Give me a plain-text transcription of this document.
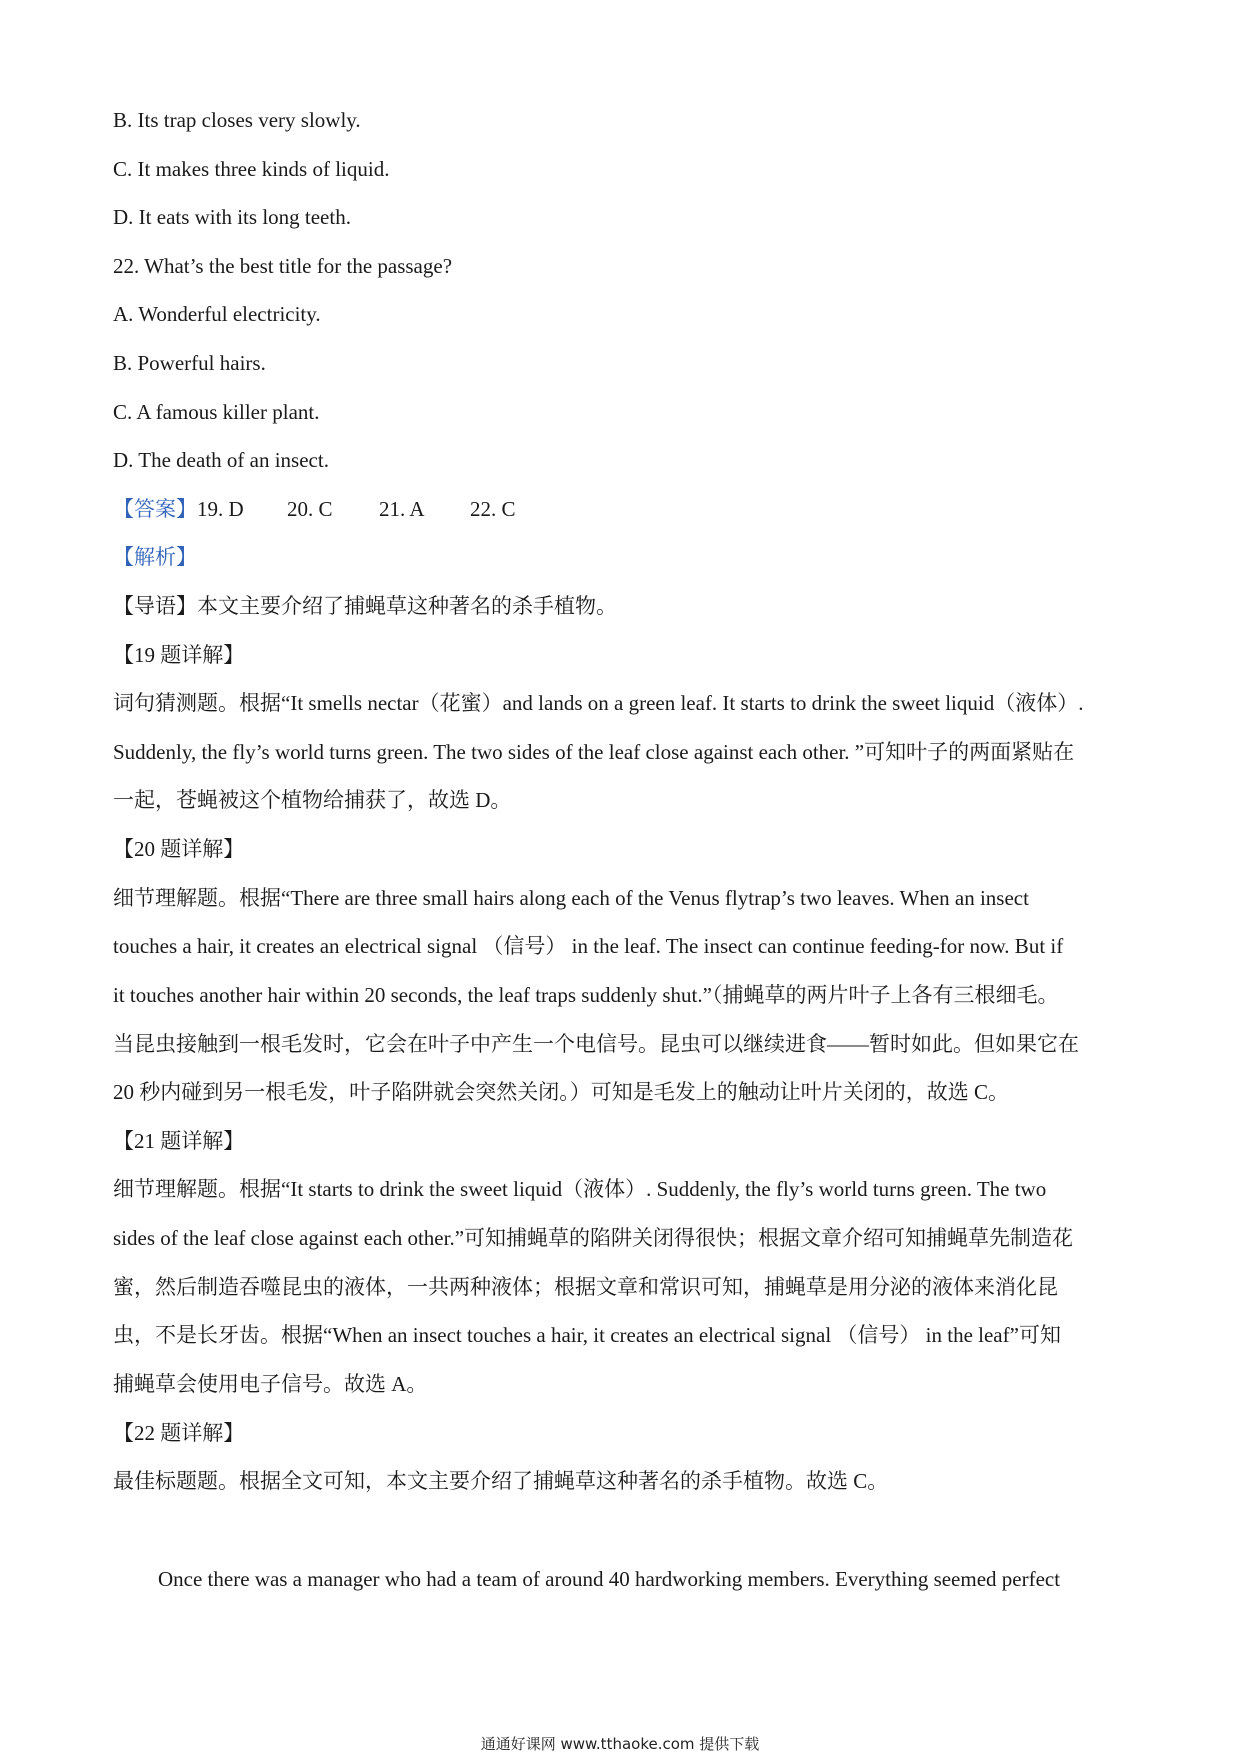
B. Its trap closes very slowly.
C. It makes three kinds of liquid.
D. It eats with its long teeth.
22. What’s the best title for the passage?
A. Wonderful electricity.
B. Powerful hairs.
C. A famous killer plant.
D. The death of an insect.
【答案】19. D 20. C 21. A 22. C
【解析】
【导语】本文主要介绍了捕蝇草这种著名的杀手植物。
【19 题详解】
词句猜测题。根据“It smells nectar（花蜜）and lands on a green leaf. It starts to drink the sweet liquid（液体）.
Suddenly, the fly’s world turns green. The two sides of the leaf close against each other. ”可知叶子的两面紧贴在
一起，苍蝇被这个植物给捕获了，故选 D。
【20 题详解】
细节理解题。根据“There are three small hairs along each of the Venus flytrap’s two leaves. When an insect
touches a hair, it creates an electrical signal （信号） in the leaf. The insect can continue feeding-for now. But if
it touches another hair within 20 seconds, the leaf traps suddenly shut.”（捕蝇草的两片叶子上各有三根细毛。
当昆虫接触到一根毛发时，它会在叶子中产生一个电信号。昆虫可以继续进食——暂时如此。但如果它在
20 秒内碰到另一根毛发，叶子陷阱就会突然关闭。）可知是毛发上的触动让叶片关闭的，故选 C。
【21 题详解】
细节理解题。根据“It starts to drink the sweet liquid（液体）. Suddenly, the fly’s world turns green. The two
sides of the leaf close against each other.”可知捕蝇草的陷阱关闭得很快；根据文章介绍可知捕蝇草先制造花
蜜，然后制造吞噬昆虫的液体，一共两种液体；根据文章和常识可知，捕蝇草是用分泌的液体来消化昆
虫，不是长牙齿。根据“When an insect touches a hair, it creates an electrical signal （信号） in the leaf”可知
捕蝇草会使用电子信号。故选 A。
【22 题详解】
最佳标题题。根据全文可知，本文主要介绍了捕蝇草这种著名的杀手植物。故选 C。
Once there was a manager who had a team of around 40 hardworking members. Everything seemed perfect
通通好课网 www.tthaoke.com 提供下载
